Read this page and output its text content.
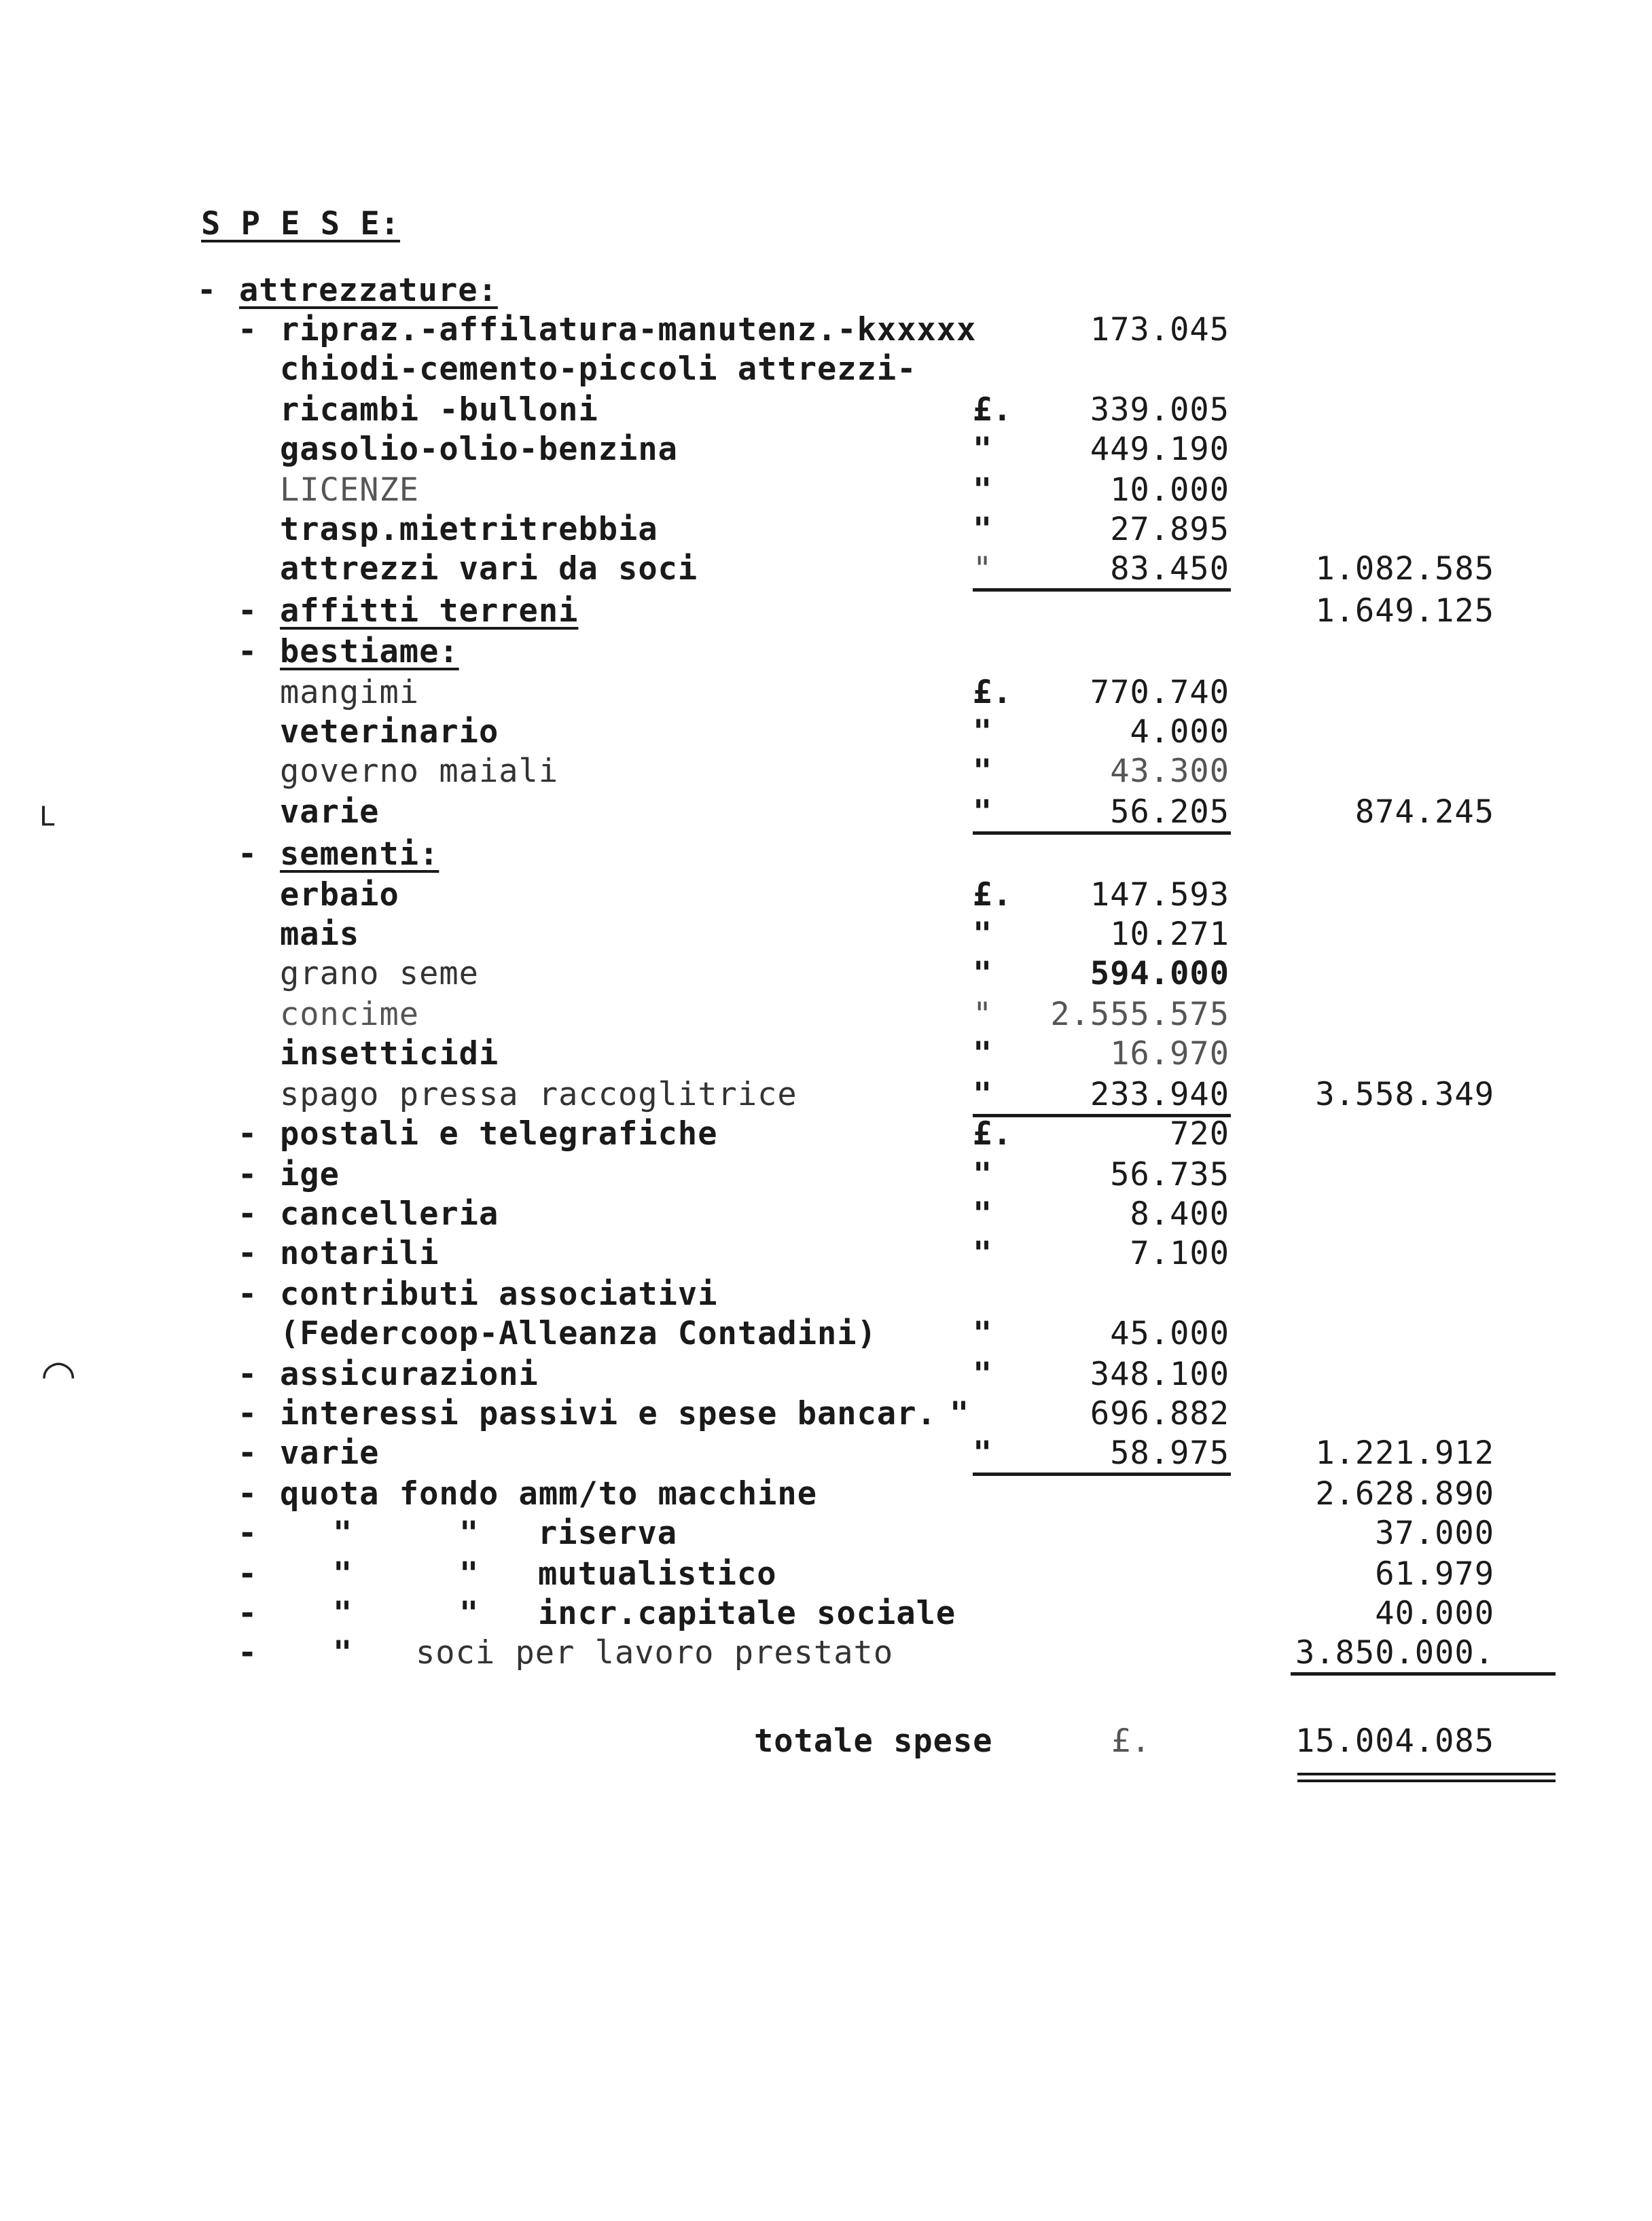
S P E S E:
- attrezzature:
- ripraz.-affilatura-manutenz.-kxxxxx	173.045
chiodi-cemento-piccoli attrezzi-
ricambi -bulloni	£.	339.005
gasolio-olio-benzina	"	449.190
LICENZE	"	10.000
trasp.mietritrebbia	"	27.895
attrezzi vari da soci	"	83.450	1.082.585
- affitti terreni	1.649.125
- bestiame:
mangimi	£.	770.740
veterinario	"	4.000
governo maiali	"	43.300
varie	"	56.205	874.245
- sementi:
erbaio	£.	147.593
mais	"	10.271
grano seme	"	594.000
concime	"	2.555.575
insetticidi	"	16.970
spago pressa raccoglitrice	"	233.940	3.558.349
- postali e telegrafiche	£.	720
- ige	"	56.735
- cancelleria	"	8.400
- notarili	"	7.100
- contributi associativi
(Federcoop-Alleanza Contadini)	"	45.000
- assicurazioni	"	348.100
- interessi passivi e spese bancar. "	696.882
- varie	"	58.975	1.221.912
- quota fondo amm/to macchine	2.628.890
- "	" riserva	37.000
- "	" mutualistico	61.979
- "	" incr.capitale sociale	40.000
- " soci per lavoro prestato	3.850.000.
totale spese	£.	15.004.085
ᒪ
◠
